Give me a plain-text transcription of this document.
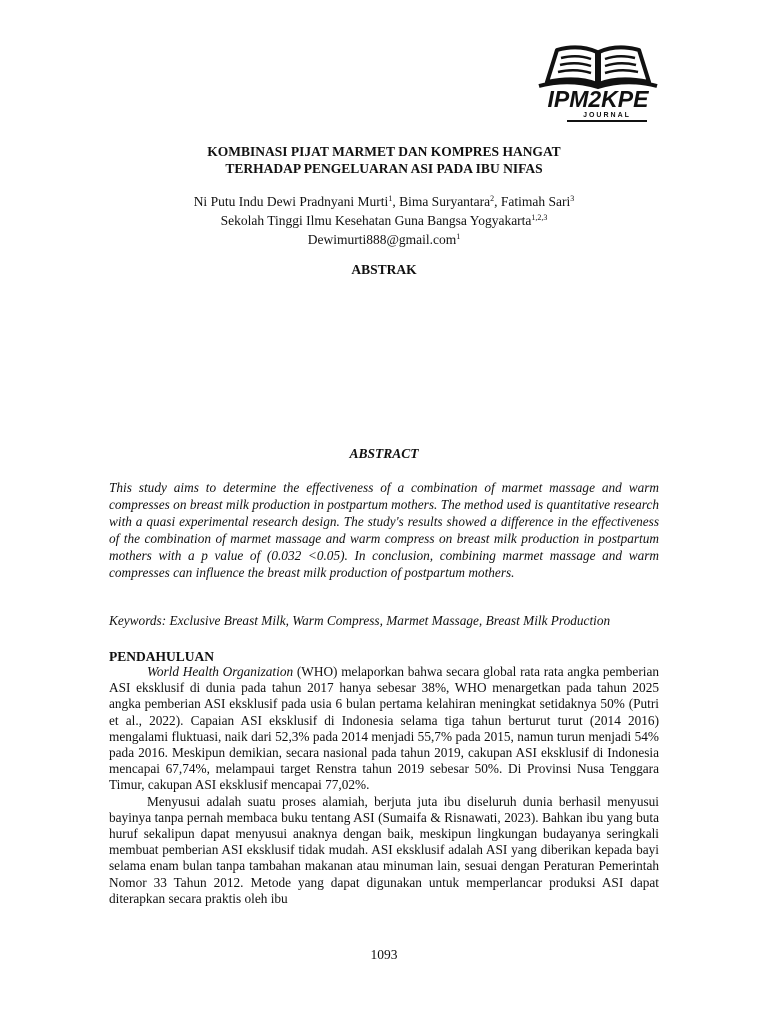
IPM2KPE
JOURNAL
KOMBINASI PIJAT MARMET DAN KOMPRES HANGAT
TERHADAP PENGELUARAN ASI PADA IBU NIFAS
Ni Putu Indu Dewi Pradnyani Murti$^1$, Bima Suryantara$^2$, Fatimah Sari$^3$
Sekolah Tinggi Ilmu Kesehatan Guna Bangsa Yogyakarta$^{1,2,3}$
Dewimurti888@gmail.com$^1$
ABSTRAK
ABSTRACT
This study aims to determine the effectiveness of a combination of marmet massage and warm compresses on breast milk production in postpartum mothers. The method used is quantitative research with a quasi experimental research design. The study's results showed a difference in the effectiveness of the combination of marmet massage and warm compress on breast milk production in postpartum mothers with a p value of (0.032 <0.05). In conclusion, combining marmet massage and warm compresses can influence the breast milk production of postpartum mothers.
Keywords: Exclusive Breast Milk, Warm Compress, Marmet Massage, Breast Milk Production
PENDAHULUAN

World Health Organization (WHO) melaporkan bahwa secara global rata rata angka pemberian ASI eksklusif di dunia pada tahun 2017 hanya sebesar 38%, WHO menargetkan pada tahun 2025 angka pemberian ASI eksklusif pada usia 6 bulan pertama kelahiran meningkat setidaknya 50% (Putri et al., 2022). Capaian ASI eksklusif di Indonesia selama tiga tahun berturut turut (2014 2016) mengalami fluktuasi, naik dari 52,3% pada 2014 menjadi 55,7% pada 2015, namun turun menjadi 54% pada 2016. Meskipun demikian, secara nasional pada tahun 2019, cakupan ASI eksklusif di Indonesia mencapai 67,74%, melampaui target Renstra tahun 2019 sebesar 50%. Di Provinsi Nusa Tenggara Timur, cakupan ASI eksklusif mencapai 77,02%.

Menyusui adalah suatu proses alamiah, berjuta juta ibu diseluruh dunia berhasil menyusui bayinya tanpa pernah membaca buku tentang ASI (Sumaifa & Risnawati, 2023). Bahkan ibu yang buta huruf sekalipun dapat menyusui anaknya dengan baik, meskipun lingkungan budayanya seringkali membuat pemberian ASI eksklusif tidak mudah. ASI eksklusif adalah ASI yang diberikan kepada bayi selama enam bulan tanpa tambahan makanan atau minuman lain, sesuai dengan Peraturan Pemerintah Nomor 33 Tahun 2012. Metode yang dapat digunakan untuk memperlancar produksi ASI dapat diterapkan secara praktis oleh ibu

1093
